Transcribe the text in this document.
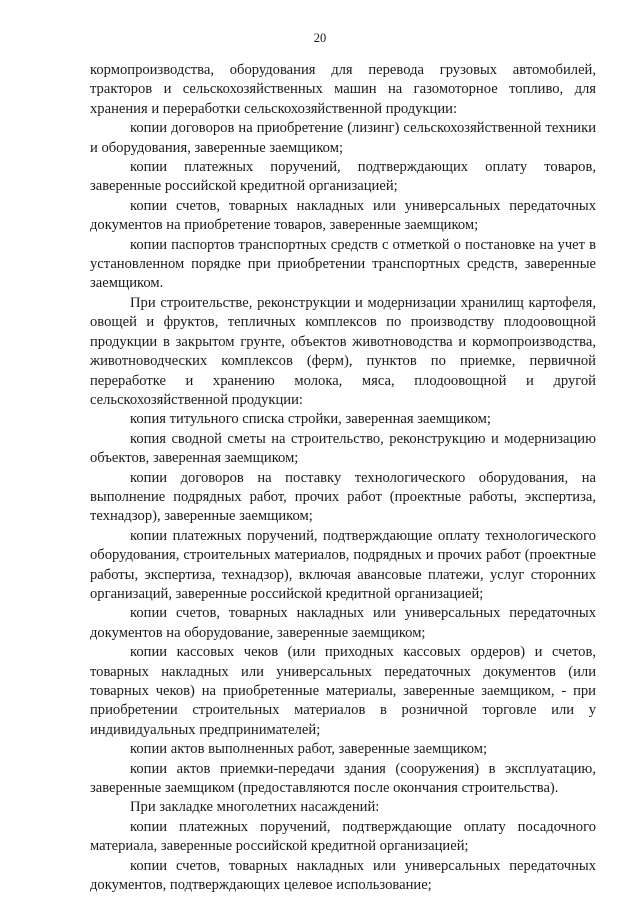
20

кормопроизводства, оборудования для перевода грузовых автомобилей, тракторов и сельскохозяйственных машин на газомоторное топливо, для хранения и переработки сельскохозяйственной продукции:

копии договоров на приобретение (лизинг) сельскохозяйственной техники и оборудования, заверенные заемщиком;

копии платежных поручений, подтверждающих оплату товаров, заверенные российской кредитной организацией;

копии счетов, товарных накладных или универсальных передаточных документов на приобретение товаров, заверенные заемщиком;

копии паспортов транспортных средств с отметкой о постановке на учет в установленном порядке при приобретении транспортных средств, заверенные заемщиком.

При строительстве, реконструкции и модернизации хранилищ картофеля, овощей и фруктов, тепличных комплексов по производству плодоовощной продукции в закрытом грунте, объектов животноводства и кормопроизводства, животноводческих комплексов (ферм), пунктов по приемке, первичной переработке и хранению молока, мяса, плодоовощной и другой сельскохозяйственной продукции:

копия титульного списка стройки, заверенная заемщиком;

копия сводной сметы на строительство, реконструкцию и модернизацию объектов, заверенная заемщиком;

копии договоров на поставку технологического оборудования, на выполнение подрядных работ, прочих работ (проектные работы, экспертиза, технадзор), заверенные заемщиком;

копии платежных поручений, подтверждающие оплату технологического оборудования, строительных материалов, подрядных и прочих работ (проектные работы, экспертиза, технадзор), включая авансовые платежи, услуг сторонних организаций, заверенные российской кредитной организацией;

копии счетов, товарных накладных или универсальных передаточных документов на оборудование, заверенные заемщиком;

копии кассовых чеков (или приходных кассовых ордеров) и счетов, товарных накладных или универсальных передаточных документов (или товарных чеков) на приобретенные материалы, заверенные заемщиком, - при приобретении строительных материалов в розничной торговле или у индивидуальных предпринимателей;

копии актов выполненных работ, заверенные заемщиком;

копии актов приемки-передачи здания (сооружения) в эксплуатацию, заверенные заемщиком (предоставляются после окончания строительства).

При закладке многолетних насаждений:

копии платежных поручений, подтверждающие оплату посадочного материала, заверенные российской кредитной организацией;

копии счетов, товарных накладных или универсальных передаточных документов, подтверждающих целевое использование;
